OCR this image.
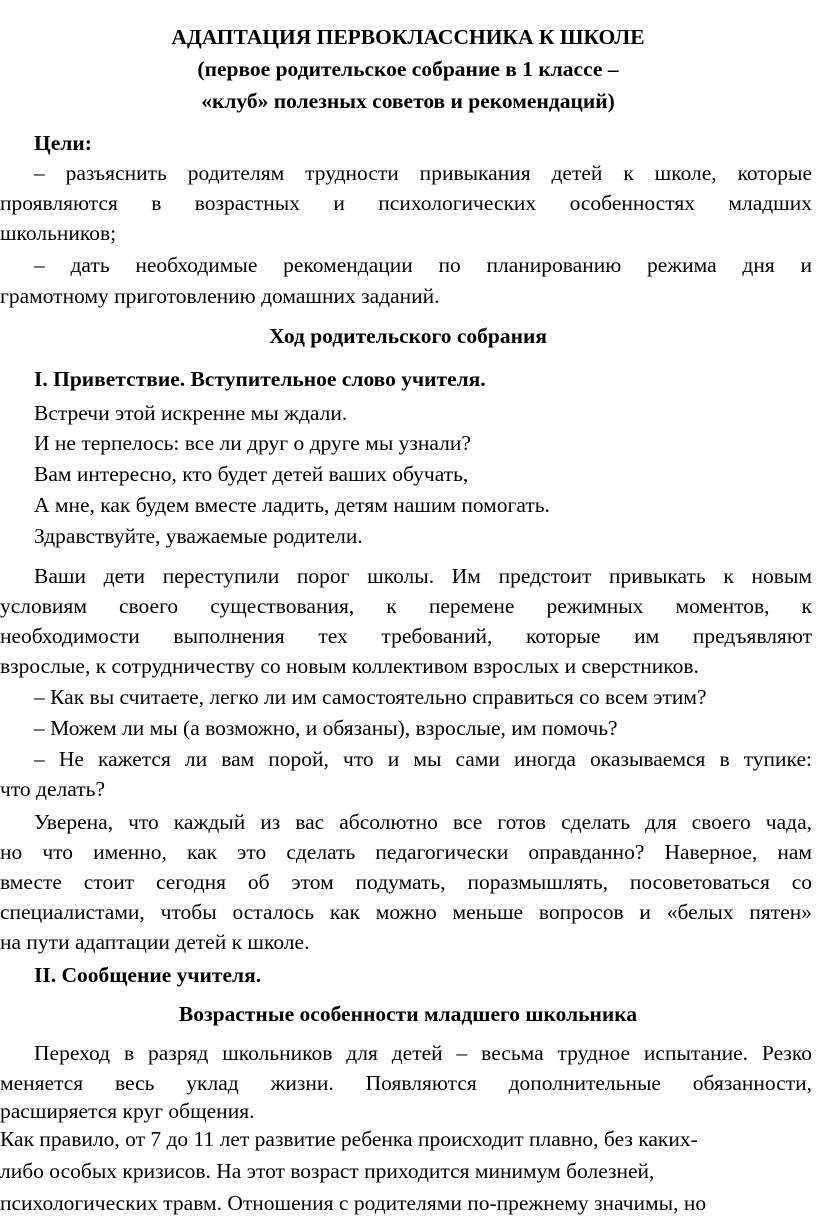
АДАПТАЦИЯ ПЕРВОКЛАССНИКА К ШКОЛЕ
(первое родительское собрание в 1 классе –
«клуб» полезных советов и рекомендаций)
Цели:
– разъяснить родителям трудности привыкания детей к школе, которые
проявляются в возрастных и психологических особенностях младших
школьников;
– дать необходимые рекомендации по планированию режима дня и
грамотному приготовлению домашних заданий.
Ход родительского собрания
I. Приветствие. Вступительное слово учителя.
Встречи этой искренне мы ждали.
И не терпелось: все ли друг о друге мы узнали?
Вам интересно, кто будет детей ваших обучать,
А мне, как будем вместе ладить, детям нашим помогать.
Здравствуйте, уважаемые родители.
Ваши дети переступили порог школы. Им предстоит привыкать к новым
условиям своего существования, к перемене режимных моментов, к
необходимости выполнения тех требований, которые им предъявляют
взрослые, к сотрудничеству со новым коллективом взрослых и сверстников.
– Как вы считаете, легко ли им самостоятельно справиться со всем этим?
– Можем ли мы (а возможно, и обязаны), взрослые, им помочь?
– Не кажется ли вам порой, что и мы сами иногда оказываемся в тупике:
что делать?
Уверена, что каждый из вас абсолютно все готов сделать для своего чада,
но что именно, как это сделать педагогически оправданно? Наверное, нам
вместе стоит сегодня об этом подумать, поразмышлять, посоветоваться со
специалистами, чтобы осталось как можно меньше вопросов и «белых пятен»
на пути адаптации детей к школе.
II. Сообщение учителя.
Возрастные особенности младшего школьника
Переход в разряд школьников для детей – весьма трудное испытание. Резко
меняется весь уклад жизни. Появляются дополнительные обязанности,
расширяется круг общения.
Как правило, от 7 до 11 лет развитие ребенка происходит плавно, без каких-
либо особых кризисов. На этот возраст приходится минимум болезней,
психологических травм. Отношения с родителями по-прежнему значимы, но
